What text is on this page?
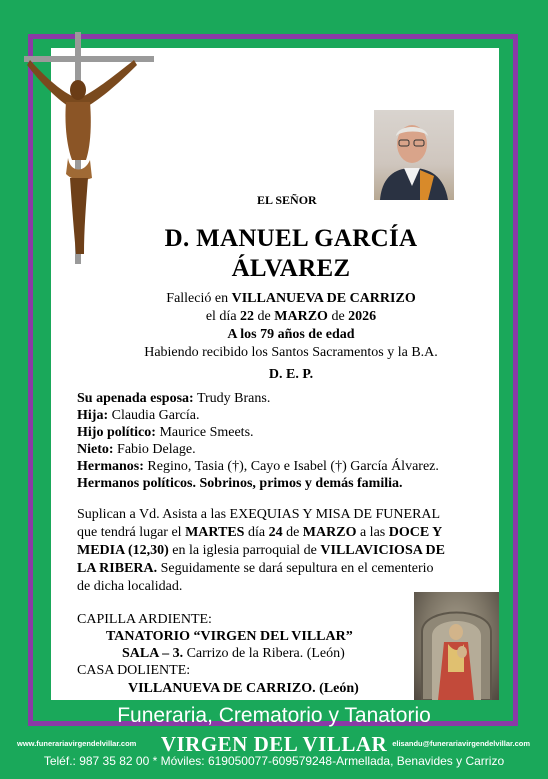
EL SEÑOR
D. MANUEL GARCÍA
ÁLVAREZ
Falleció en VILLANUEVA DE CARRIZO
el día 22 de MARZO de 2026
A los 79 años de edad
Habiendo recibido los Santos Sacramentos y la B.A.
D. E. P.
Su apenada esposa: Trudy Brans.
Hija: Claudia García.
Hijo político: Maurice Smeets.
Nieto: Fabio Delage.
Hermanos: Regino, Tasia (†), Cayo e Isabel (†) García Álvarez.
Hermanos políticos. Sobrinos, primos y demás familia.
Suplican a Vd. Asista a las EXEQUIAS Y MISA DE FUNERAL
que tendrá lugar el MARTES día 24 de MARZO a las DOCE Y
MEDIA (12,30) en la iglesia parroquial de VILLAVICIOSA DE
LA RIBERA. Seguidamente se dará sepultura en el cementerio
de dicha localidad.
CAPILLA ARDIENTE:
TANATORIO “VIRGEN DEL VILLAR”
SALA – 3. Carrizo de la Ribera. (León)
CASA DOLIENTE:
VILLANUEVA DE CARRIZO. (León)
Funeraria, Crematorio y Tanatorio
www.funerariavirgendelvillar.com	VIRGEN DEL VILLAR elisandu@funerariavirgendelvillar.com
Teléf.: 987 35 82 00 * Móviles: 619050077-609579248-Armellada, Benavides y Carrizo
